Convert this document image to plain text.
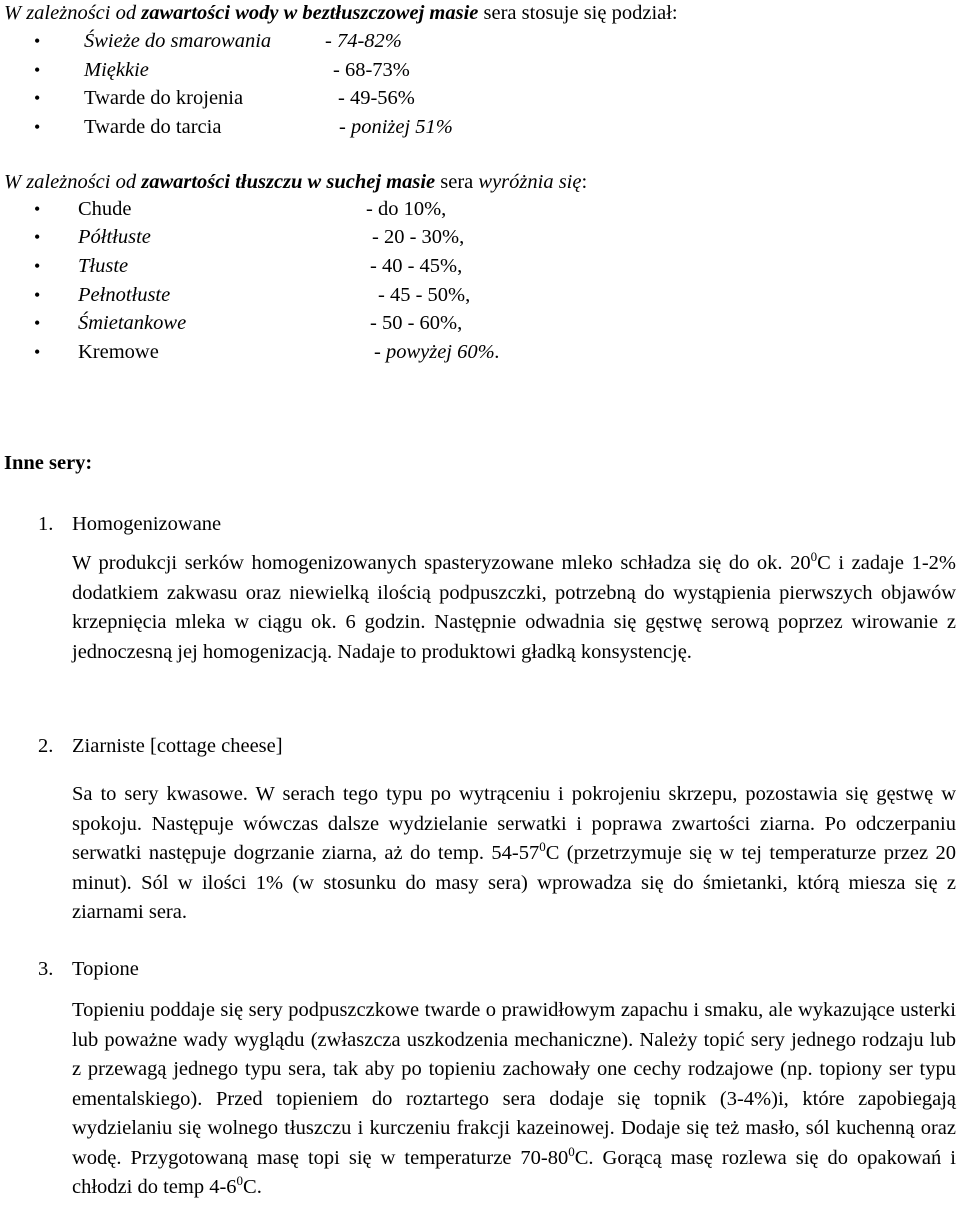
W zależności od zawartości wody w beztłuszczowej masie sera stosuje się podział:
• Świeże do smarowania	- 74-82%
• Miękkie	- 68-73%
• Twarde do krojenia	- 49-56%
• Twarde do tarcia	- poniżej 51%
W zależności od zawartości tłuszczu w suchej masie sera wyróżnia się:
• Chude	- do 10%,
• Półtłuste	- 20 - 30%,
• Tłuste	- 40 - 45%,
• Pełnotłuste	- 45 - 50%,
• Śmietankowe	- 50 - 60%,
• Kremowe	- powyżej 60%.
Inne sery:
1. Homogenizowane

W produkcji serków homogenizowanych spasteryzowane mleko schładza się do ok. $20^0C$ i zadaje 1-2% dodatkiem zakwasu oraz niewielką ilością podpuszczki, potrzebną do wystąpienia pierwszych objawów krzepnięcia mleka w ciągu ok. 6 godzin. Następnie odwadnia się gęstwę serową poprzez wirowanie z jednoczesną jej homogenizacją. Nadaje to produktowi gładką konsystencję.

2. Ziarniste [cottage cheese]

Sa to sery kwasowe. W serach tego typu po wytrąceniu i pokrojeniu skrzepu, pozostawia się gęstwę w spokoju. Następuje wówczas dalsze wydzielanie serwatki i poprawa zwartości ziarna. Po odczerpaniu serwatki następuje dogrzanie ziarna, aż do temp. $54-57^0C$ (przetrzymuje się w tej temperaturze przez 20 minut). Sól w ilości 1% (w stosunku do masy sera) wprowadza się do śmietanki, którą miesza się z ziarnami sera.

3. Topione

Topieniu poddaje się sery podpuszczkowe twarde o prawidłowym zapachu i smaku, ale wykazujące usterki lub poważne wady wyglądu (zwłaszcza uszkodzenia mechaniczne). Należy topić sery jednego rodzaju lub z przewagą jednego typu sera, tak aby po topieniu zachowały one cechy rodzajowe (np. topiony ser typu ementalskiego). Przed topieniem do roztartego sera dodaje się topnik (3-4%)i, które zapobiegają wydzielaniu się wolnego tłuszczu i kurczeniu frakcji kazeinowej. Dodaje się też masło, sól kuchenną oraz wodę. Przygotowaną masę topi się w temperaturze $70-80^0C$. Gorącą masę rozlewa się do opakowań i chłodzi do temp $4-6^0C$.
